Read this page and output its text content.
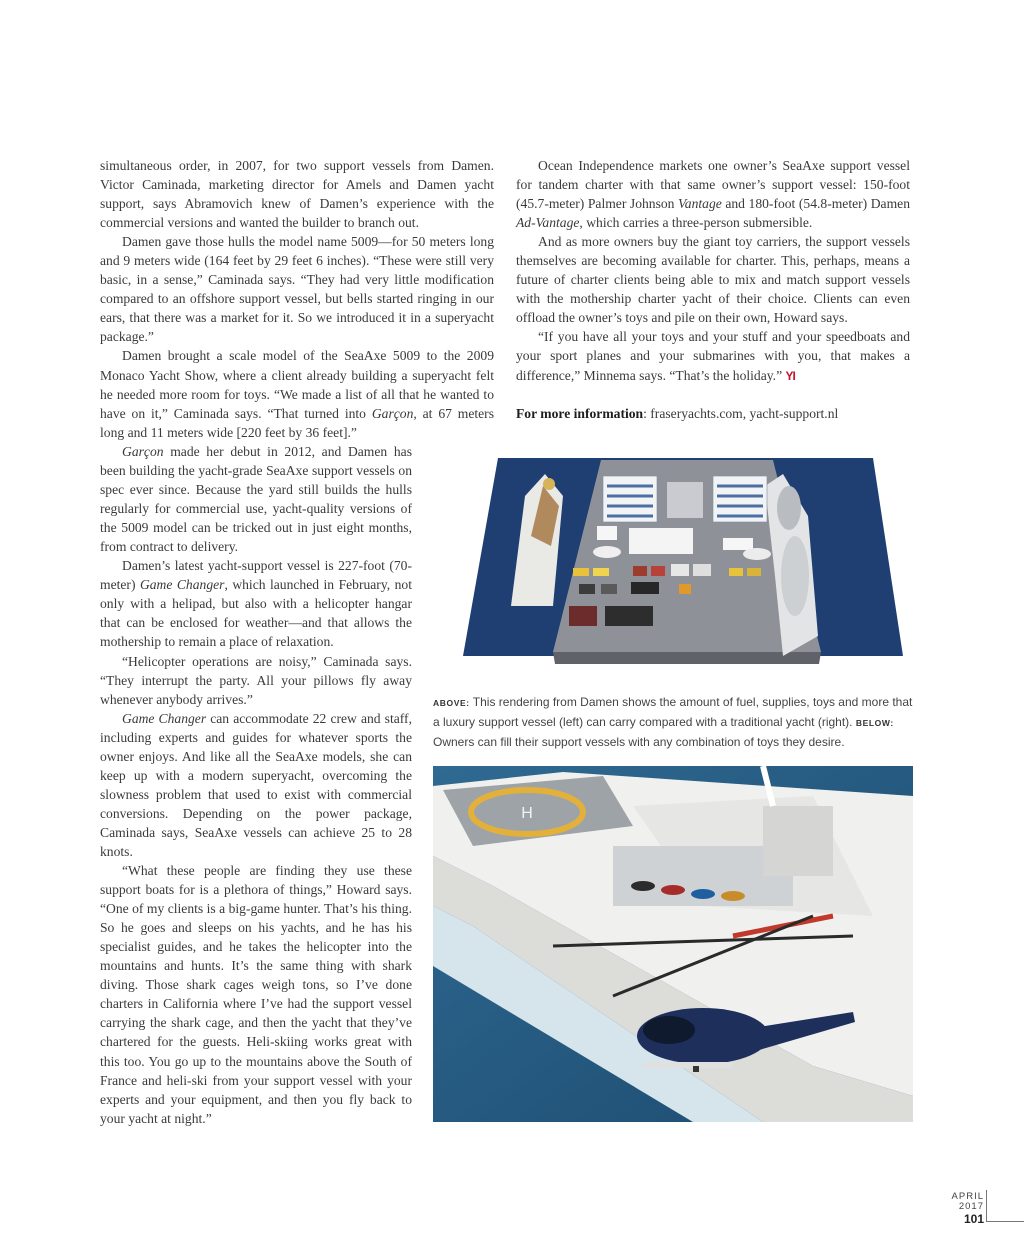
simultaneous order, in 2007, for two support vessels from Damen. Victor Caminada, marketing director for Amels and Damen yacht support, says Abramovich knew of Damen’s experience with the commercial versions and wanted the builder to branch out.

Damen gave those hulls the model name 5009—for 50 meters long and 9 meters wide (164 feet by 29 feet 6 inches). “These were still very basic, in a sense,” Caminada says. “They had very little modification compared to an offshore support vessel, but bells started ringing in our ears, that there was a market for it. So we introduced it in a superyacht package.”

Damen brought a scale model of the SeaAxe 5009 to the 2009 Monaco Yacht Show, where a client already building a superyacht felt he needed more room for toys. “We made a list of all that he wanted to have on it,” Caminada says. “That turned into Garçon, at 67 meters long and 11 meters wide [220 feet by 36 feet].”

Garçon made her debut in 2012, and Damen has been building the yacht-grade SeaAxe support vessels on spec ever since. Because the yard still builds the hulls regularly for commercial use, yacht-quality versions of the 5009 model can be tricked out in just eight months, from contract to delivery.

Damen’s latest yacht-support vessel is 227-foot (70-meter) Game Changer, which launched in February, not only with a helipad, but also with a helicopter hangar that can be enclosed for weather—and that allows the mothership to remain a place of relaxation.

“Helicopter operations are noisy,” Caminada says. “They interrupt the party. All your pillows fly away whenever anybody arrives.”

Game Changer can accommodate 22 crew and staff, including experts and guides for whatever sports the owner enjoys. And like all the SeaAxe models, she can keep up with a modern superyacht, overcoming the slowness problem that used to exist with commercial conversions. Depending on the power package, Caminada says, SeaAxe vessels can achieve 25 to 28 knots.

“What these people are finding they use these support boats for is a plethora of things,” Howard says. “One of my clients is a big-game hunter. That’s his thing. So he goes and sleeps on his yachts, and he has his specialist guides, and he takes the helicopter into the mountains and hunts. It’s the same thing with shark diving. Those shark cages weigh tons, so I’ve done charters in California where I’ve had the support vessel carrying the shark cage, and then the yacht that they’ve chartered for the guests. Heli-skiing works great with this too. You go up to the mountains above the South of France and heli-ski from your support vessel with your experts and your equipment, and then you fly back to your yacht at night.”

Ocean Independence markets one owner’s SeaAxe support vessel for tandem charter with that same owner’s support vessel: 150-foot (45.7-meter) Palmer Johnson Vantage and 180-foot (54.8-meter) Damen Ad-Vantage, which carries a three-person submersible.

And as more owners buy the giant toy carriers, the support vessels themselves are becoming available for charter. This, perhaps, means a future of charter clients being able to mix and match support vessels with the mothership charter yacht of their choice. Clients can even offload the owner’s toys and pile on their own, Howard says.

“If you have all your toys and your stuff and your speedboats and your sport planes and your submarines with you, that makes a difference,” Minnema says. “That’s the holiday.” YI

For more information: fraseryachts.com, yacht-support.nl

ABOVE: This rendering from Damen shows the amount of fuel, supplies, toys and more that a luxury support vessel (left) can carry compared with a traditional yacht (right). BELOW: Owners can fill their support vessels with any combination of toys they desire.
H
APRIL
2017
101
